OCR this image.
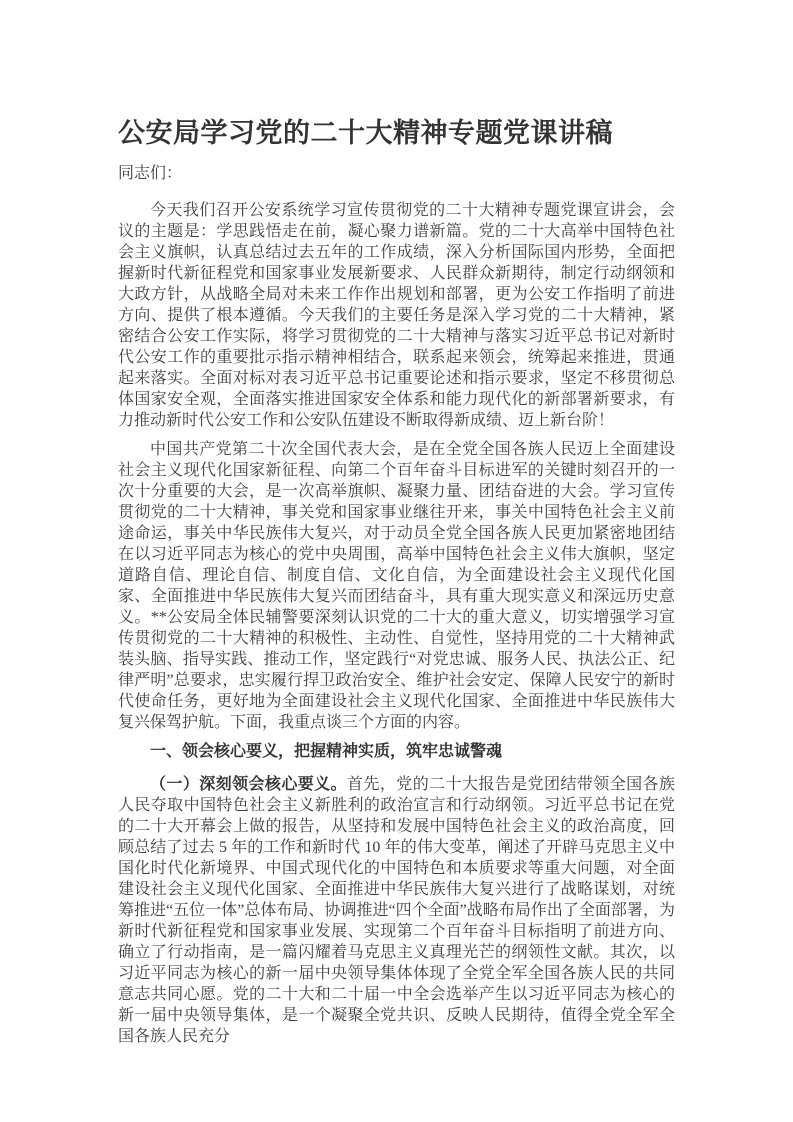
公安局学习党的二十大精神专题党课讲稿

同志们：

今天我们召开公安系统学习宣传贯彻党的二十大精神专题党课宣讲会，会议的主题是：学思践悟走在前，凝心聚力谱新篇。党的二十大高举中国特色社会主义旗帜，认真总结过去五年的工作成绩，深入分析国际国内形势，全面把握新时代新征程党和国家事业发展新要求、人民群众新期待，制定行动纲领和大政方针，从战略全局对未来工作作出规划和部署，更为公安工作指明了前进方向、提供了根本遵循。今天我们的主要任务是深入学习党的二十大精神，紧密结合公安工作实际，将学习贯彻党的二十大精神与落实习近平总书记对新时代公安工作的重要批示指示精神相结合，联系起来领会，统筹起来推进，贯通起来落实。全面对标对表习近平总书记重要论述和指示要求，坚定不移贯彻总体国家安全观，全面落实推进国家安全体系和能力现代化的新部署新要求，有力推动新时代公安工作和公安队伍建设不断取得新成绩、迈上新台阶！

中国共产党第二十次全国代表大会，是在全党全国各族人民迈上全面建设社会主义现代化国家新征程、向第二个百年奋斗目标进军的关键时刻召开的一次十分重要的大会，是一次高举旗帜、凝聚力量、团结奋进的大会。学习宣传贯彻党的二十大精神，事关党和国家事业继往开来，事关中国特色社会主义前途命运，事关中华民族伟大复兴，对于动员全党全国各族人民更加紧密地团结在以习近平同志为核心的党中央周围，高举中国特色社会主义伟大旗帜，坚定道路自信、理论自信、制度自信、文化自信，为全面建设社会主义现代化国家、全面推进中华民族伟大复兴而团结奋斗，具有重大现实意义和深远历史意义。**公安局全体民辅警要深刻认识党的二十大的重大意义，切实增强学习宣传贯彻党的二十大精神的积极性、主动性、自觉性，坚持用党的二十大精神武装头脑、指导实践、推动工作，坚定践行“对党忠诚、服务人民、执法公正、纪律严明”总要求，忠实履行捍卫政治安全、维护社会安定、保障人民安宁的新时代使命任务，更好地为全面建设社会主义现代化国家、全面推进中华民族伟大复兴保驾护航。下面，我重点谈三个方面的内容。

一、领会核心要义，把握精神实质，筑牢忠诚警魂

（一）深刻领会核心要义。首先，党的二十大报告是党团结带领全国各族人民夺取中国特色社会主义新胜利的政治宣言和行动纲领。习近平总书记在党的二十大开幕会上做的报告，从坚持和发展中国特色社会主义的政治高度，回顾总结了过去 5 年的工作和新时代 10 年的伟大变革，阐述了开辟马克思主义中国化时代化新境界、中国式现代化的中国特色和本质要求等重大问题，对全面建设社会主义现代化国家、全面推进中华民族伟大复兴进行了战略谋划，对统筹推进“五位一体”总体布局、协调推进“四个全面”战略布局作出了全面部署，为新时代新征程党和国家事业发展、实现第二个百年奋斗目标指明了前进方向、确立了行动指南，是一篇闪耀着马克思主义真理光芒的纲领性文献。其次，以习近平同志为核心的新一届中央领导集体体现了全党全军全国各族人民的共同意志共同心愿。党的二十大和二十届一中全会选举产生以习近平同志为核心的新一届中央领导集体，是一个凝聚全党共识、反映人民期待，值得全党全军全国各族人民充分
